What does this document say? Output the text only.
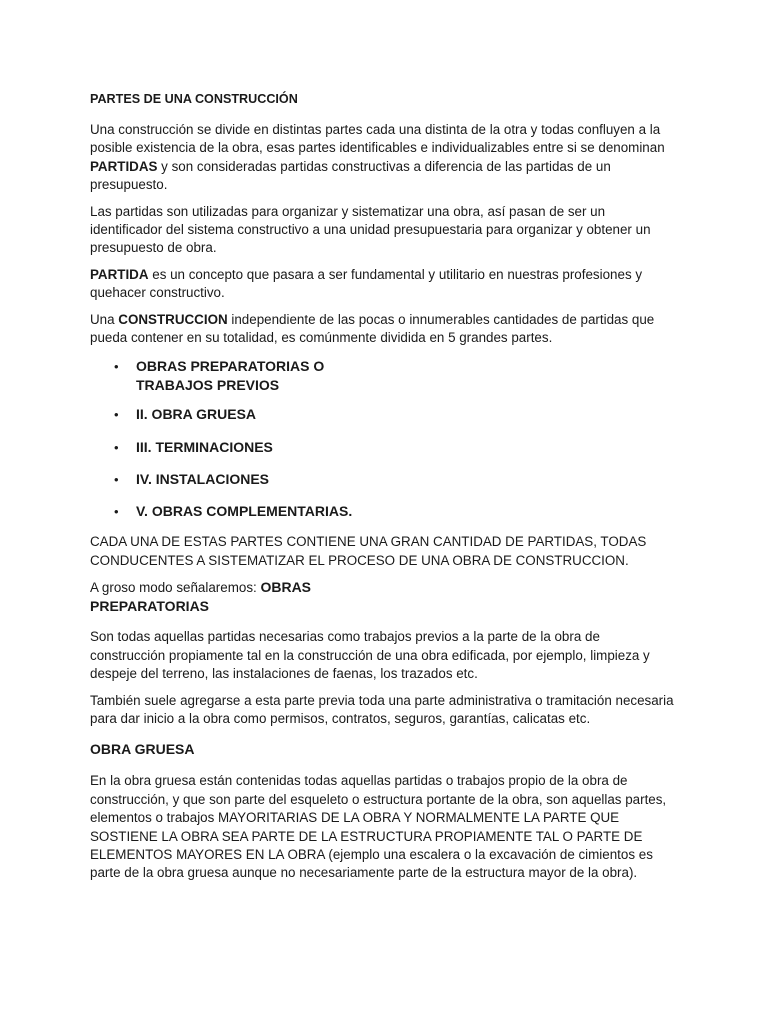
PARTES DE UNA CONSTRUCCIÓN

Una construcción se divide en distintas partes cada una distinta de la otra y todas confluyen a la posible existencia de la obra, esas partes identificables e individualizables entre si se denominan PARTIDAS y son consideradas partidas constructivas a diferencia de las partidas de un presupuesto.

Las partidas son utilizadas para organizar y sistematizar una obra, así pasan de ser un identificador del sistema constructivo a una unidad presupuestaria para organizar y obtener un presupuesto de obra.

PARTIDA es un concepto que pasara a ser fundamental y utilitario en nuestras profesiones y quehacer constructivo.

Una CONSTRUCCION independiente de las pocas o innumerables cantidades de partidas que pueda contener en su totalidad, es comúnmente dividida en 5 grandes partes.

• OBRAS PREPARATORIAS O TRABAJOS PREVIOS
• II. OBRA GRUESA
• III. TERMINACIONES
• IV. INSTALACIONES
• V. OBRAS COMPLEMENTARIAS.

CADA UNA DE ESTAS PARTES CONTIENE UNA GRAN CANTIDAD DE PARTIDAS, TODAS CONDUCENTES A SISTEMATIZAR EL PROCESO DE UNA OBRA DE CONSTRUCCION.

A groso modo señalaremos: OBRAS
PREPARATORIAS

Son todas aquellas partidas necesarias como trabajos previos a la parte de la obra de construcción propiamente tal en la construcción de una obra edificada, por ejemplo, limpieza y despeje del terreno, las instalaciones de faenas, los trazados etc.

También suele agregarse a esta parte previa toda una parte administrativa o tramitación necesaria para dar inicio a la obra como permisos, contratos, seguros, garantías, calicatas etc.

OBRA GRUESA

En la obra gruesa están contenidas todas aquellas partidas o trabajos propio de la obra de construcción, y que son parte del esqueleto o estructura portante de la obra, son aquellas partes, elementos o trabajos MAYORITARIAS DE LA OBRA Y NORMALMENTE LA PARTE QUE SOSTIENE LA OBRA SEA PARTE DE LA ESTRUCTURA PROPIAMENTE TAL O PARTE DE ELEMENTOS MAYORES EN LA OBRA (ejemplo una escalera o la excavación de cimientos es parte de la obra gruesa aunque no necesariamente parte de la estructura mayor de la obra).
